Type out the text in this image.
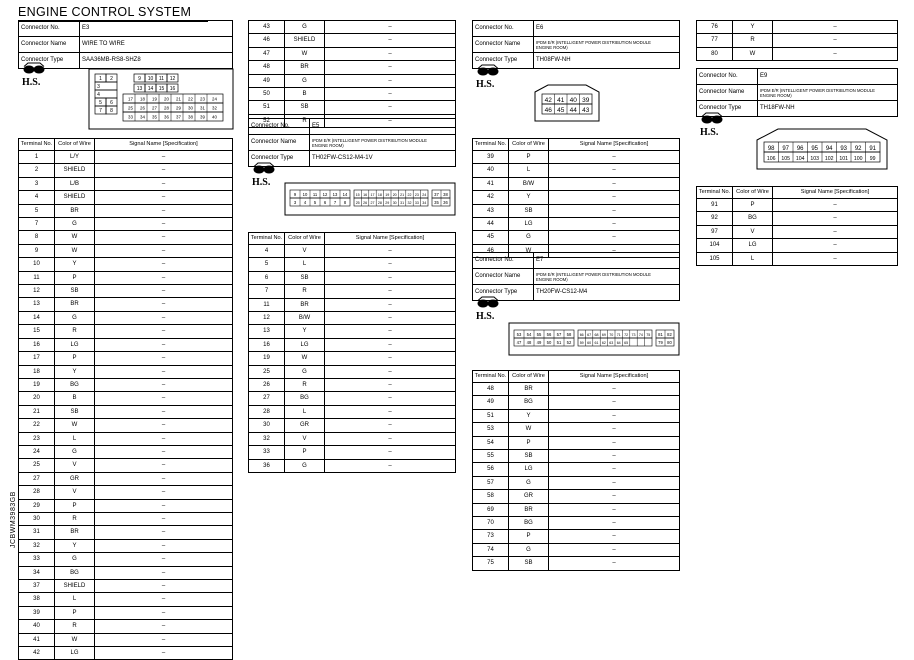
ENGINE CONTROL SYSTEM
Connector No.	E3
Connector Name	WIRE TO WIRE
Connector Type	SAA36MB-RS8-SHZ8
H.S.	1 2
3
4
5 6
7 8
9 10 11 12
13 14 15 16
17 18 19 20 21 22 23 24
25 26 27 28 29 30 31 32
33 34 35 36 37 38 39 40
Terminal No.	Color of Wire	Signal Name [Specification]
1	L/Y	–
2	SHIELD	–
3	L/B	–
4	SHIELD	–
5	BR	–
7	G	–
8	W	–
9	W	–
10	Y	–
11	P	–
12	SB	–
13	BR	–
14	G	–
15	R	–
16	LG	–
17	P	–
18	Y	–
19	BG	–
20	B	–
21	SB	–
22	W	–
23	L	–
24	G	–
25	V	–
27	GR	–
28	V	–
29	P	–
30	R	–
31	BR	–
32	Y	–
33	G	–
34	BG	–
37	SHIELD	–
38	L	–
39	P	–
40	R	–
41	W	–
42	LG	–
43	G	–
46	SHIELD	–
47	W	–
48	BR	–
49	G	–
50	B	–
51	SB	–
52	R	–
Connector No.	E5
Connector Name	IPDM E/R (INTELLIGENT POWER DISTRIBUTION MODULE
ENGINE ROOM)

Connector Type	TH02FW-CS12-M4-1V
H.S.
9 10 11 12 13 14
3 4 5 6 7 8
15 16 17 18 19 20 21 22 23 24
25 26 27 28 29 30 31 32 33 34
37 38
35 36
Terminal No.	Color of Wire	Signal Name [Specification]
4	V	–
5	L	–
6	SB	–
7	R	–
11	BR	–
12	B/W	–
13	Y	–
16	LG	–
19	W	–
25	G	–
26	R	–
27	BG	–
28	L	–
30	GR	–
32	V	–
33	P	–
36	G	–
Connector No.	E6
Connector Name	IPDM E/R (INTELLIGENT POWER DISTRIBUTION MODULE
ENGINE ROOM)

Connector Type	TH08FW-NH
H.S.
42 41 40 39
46 45 44 43
Terminal No.	Color of Wire	Signal Name [Specification]
39	P	–
40	L	–
41	B/W	–
42	Y	–
43	SB	–
44	LG	–
45	G	–
46	W	–
Connector No.	E7
Connector Name	IPDM E/R (INTELLIGENT POWER DISTRIBUTION MODULE
ENGINE ROOM)

Connector Type	TH20FW-CS12-M4
H.S.
53 54 55 56 57 58
47 48 49 50 51 52
66 67 68 69 70 71 72 73 74 75
59 60 61 62 63 64 65
81 82
79 80
Terminal No.	Color of Wire	Signal Name [Specification]
48	BR	–
49	BG	–
51	Y	–
53	W	–
54	P	–
55	SB	–
56	LG	–
57	G	–
58	GR	–
69	BR	–
70	BG	–
73	P	–
74	G	–
75	SB	–
76	Y	–
77	R	–
80	W	–
Connector No.	E9
Connector Name	IPDM E/R (INTELLIGENT POWER DISTRIBUTION MODULE
ENGINE ROOM)

Connector Type	TH18FW-NH
H.S.
98 97 96 95 94 93 92 91
106 105 104 103 102 101 100 99
Terminal No.	Color of Wire	Signal Name [Specification]
91	P	–
92	BG	–
97	V	–
104	LG	–
105	L	–
JCBWM3983GB
